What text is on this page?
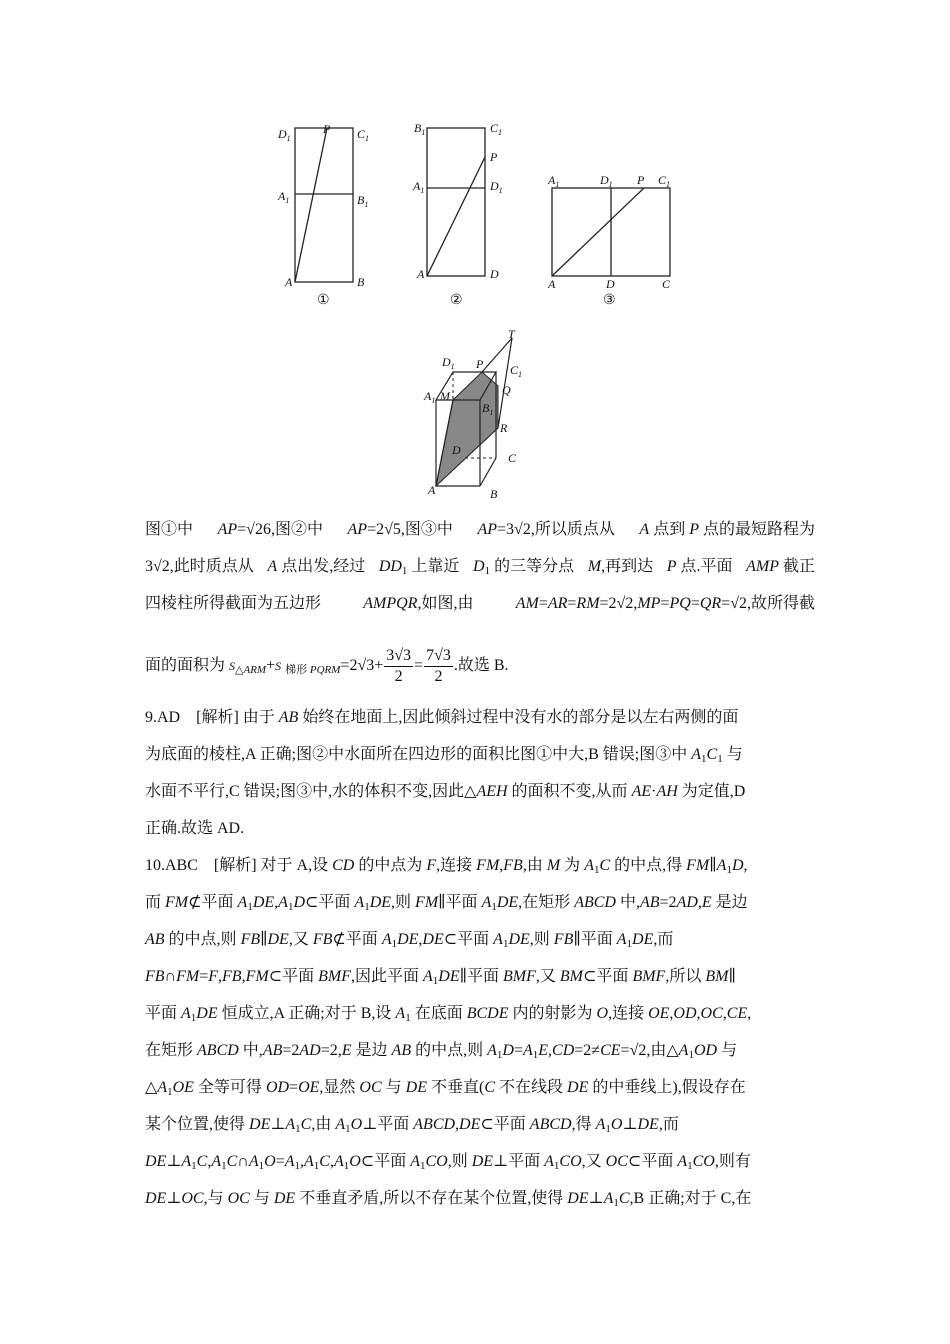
$D_1$
P $C_1$
$A_1$	$B_1$
A	B
①
$B_1$	$C_1$
P
$A_1$	$D_1$
A	D
②
$A_1$	$D_1$ P $C_1$
A	D	C
③
T
$D_1$ P $C_1$
$A_1$ M	Q
$B_1$
R
D
C
A	B
图①中 AP=√26,图②中 AP=2√5,图③中 AP=3√2,所以质点从 A 点到 P 点的最短路程为
3√2,此时质点从 A 点出发,经过 $DD_1$ 上靠近 $D_1$ 的三等分点 M,再到达 P 点.平面 AMP 截正
四棱柱所得截面为五边形	AMPQR,如图,由	AM=AR=RM=2√2,MP=PQ=QR=√2,故所得截
面的面积为 $S_{\triangle ARM}+S$ $_{梯形 PQRM}=2√3+ \frac{3√3}{2} = \frac{7√3}{2}$ .故选 B.
9.AD　[解析] 由于 AB 始终在地面上,因此倾斜过程中没有水的部分是以左右两侧的面
为底面的棱柱,A 正确;图②中水面所在四边形的面积比图①中大,B 错误;图③中 $A_1C_1$ 与
水面不平行,C 错误;图③中,水的体积不变,因此△AEH 的面积不变,从而 AE·AH 为定值,D
正确.故选 AD.
10.ABC　[解析] 对于 A,设 CD 的中点为 F,连接 FM,FB,由 M 为 $A_1C$ 的中点,得 $FM\parallel A_1D$,
而 FM⊄平面 $A_1DE,A_1D\subset$平面 $A_1DE$,则 FM∥平面 $A_1DE$,在矩形 ABCD 中,AB=2AD,E 是边
AB 的中点,则 FB∥DE,又 FB⊄平面 $A_1DE,DE\subset$平面 $A_1DE$,则 FB∥平面 $A_1DE$,而
FB∩FM=F,FB,FM⊂平面 BMF,因此平面 $A_1DE\parallel$平面 BMF,又 BM⊂平面 BMF,所以 BM∥
平面 $A_1DE$ 恒成立,A 正确;对于 B,设 $A_1$ 在底面 BCDE 内的射影为 O,连接 OE,OD,OC,CE,
在矩形 ABCD 中,AB=2AD=2,E 是边 AB 的中点,则 $A_1D=A_1E,CD=2\ne CE=√2$,由$\triangle A_1OD$ 与
$\triangle A_1OE$ 全等可得 OD=OE,显然 OC 与 DE 不垂直(C 不在线段 DE 的中垂线上),假设存在
某个位置,使得 $DE\perp A_1C$,由 $A_1O\perp$平面 ABCD,DE⊂平面 ABCD,得 $A_1O\perp DE$,而
$DE\perp A_1C,A_1C\cap A_1O=A_1,A_1C,A_1O\subset$平面 $A_1CO$,则 DE⊥平面 $A_1CO$,又 OC⊂平面 $A_1CO$,则有
DE⊥OC,与 OC 与 DE 不垂直矛盾,所以不存在某个位置,使得 $DE\perp A_1C,B$ 正确;对于 C,在
